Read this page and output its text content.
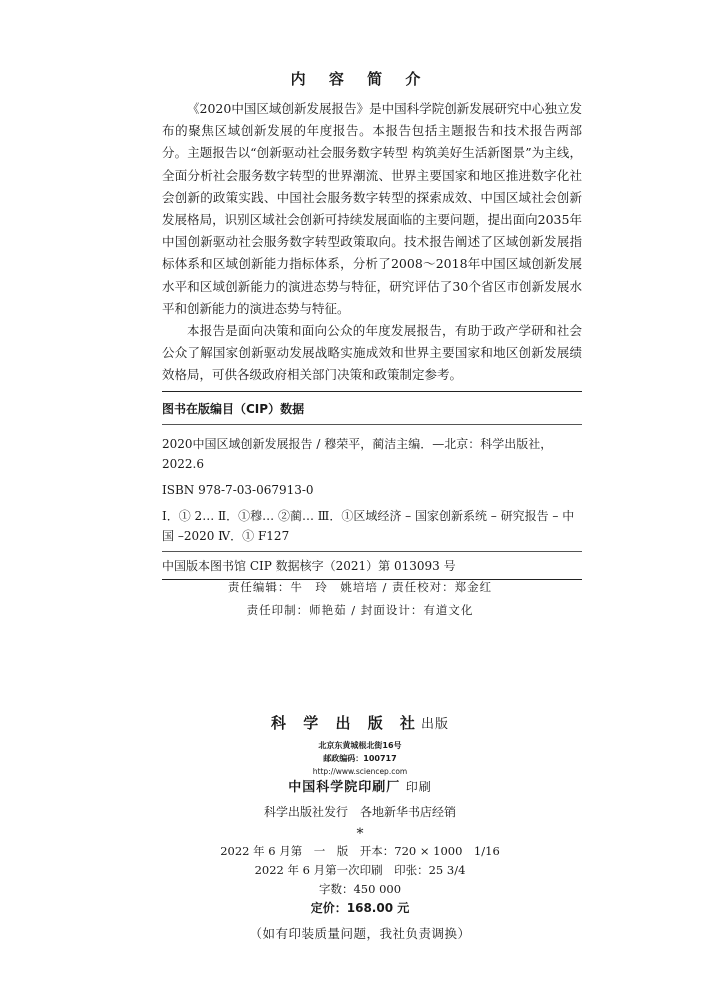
内 容 简 介

《2020中国区域创新发展报告》是中国科学院创新发展研究中心独立发布的聚焦区域创新发展的年度报告。本报告包括主题报告和技术报告两部分。主题报告以“创新驱动社会服务数字转型 构筑美好生活新图景”为主线，全面分析社会服务数字转型的世界潮流、世界主要国家和地区推进数字化社会创新的政策实践、中国社会服务数字转型的探索成效、中国区域社会创新发展格局，识别区域社会创新可持续发展面临的主要问题，提出面向2035年中国创新驱动社会服务数字转型政策取向。技术报告阐述了区域创新发展指标体系和区域创新能力指标体系，分析了2008～2018年中国区域创新发展水平和区域创新能力的演进态势与特征，研究评估了30个省区市创新发展水平和创新能力的演进态势与特征。

本报告是面向决策和面向公众的年度发展报告，有助于政产学研和社会公众了解国家创新驱动发展战略实施成效和世界主要国家和地区创新发展绩效格局，可供各级政府相关部门决策和政策制定参考。

图书在版编目（CIP）数据
2020中国区域创新发展报告 / 穆荣平，蔺洁主编．—北京：科学出版社，2022.6
ISBN 978-7-03-067913-0
Ⅰ．① 2… Ⅱ．①穆… ②蔺… Ⅲ．①区域经济 – 国家创新系统 – 研究报告 – 中国 –2020 Ⅳ．① F127
中国版本图书馆 CIP 数据核字（2021）第 013093 号
责任编辑：牛　玲　姚培培 / 责任校对：郑金红
责任印制：师艳茹 / 封面设计：有道文化
科 学 出 版 社出版
北京东黄城根北街16号
邮政编码：100717
http://www.sciencep.com
中国科学院印刷厂 印刷
科学出版社发行　各地新华书店经销
*
2022 年 6 月第　一　版　开本：720 × 1000　1/16
2022 年 6 月第一次印刷　印张：25 3/4
字数：450 000
定价：168.00 元
（如有印装质量问题，我社负责调换）
